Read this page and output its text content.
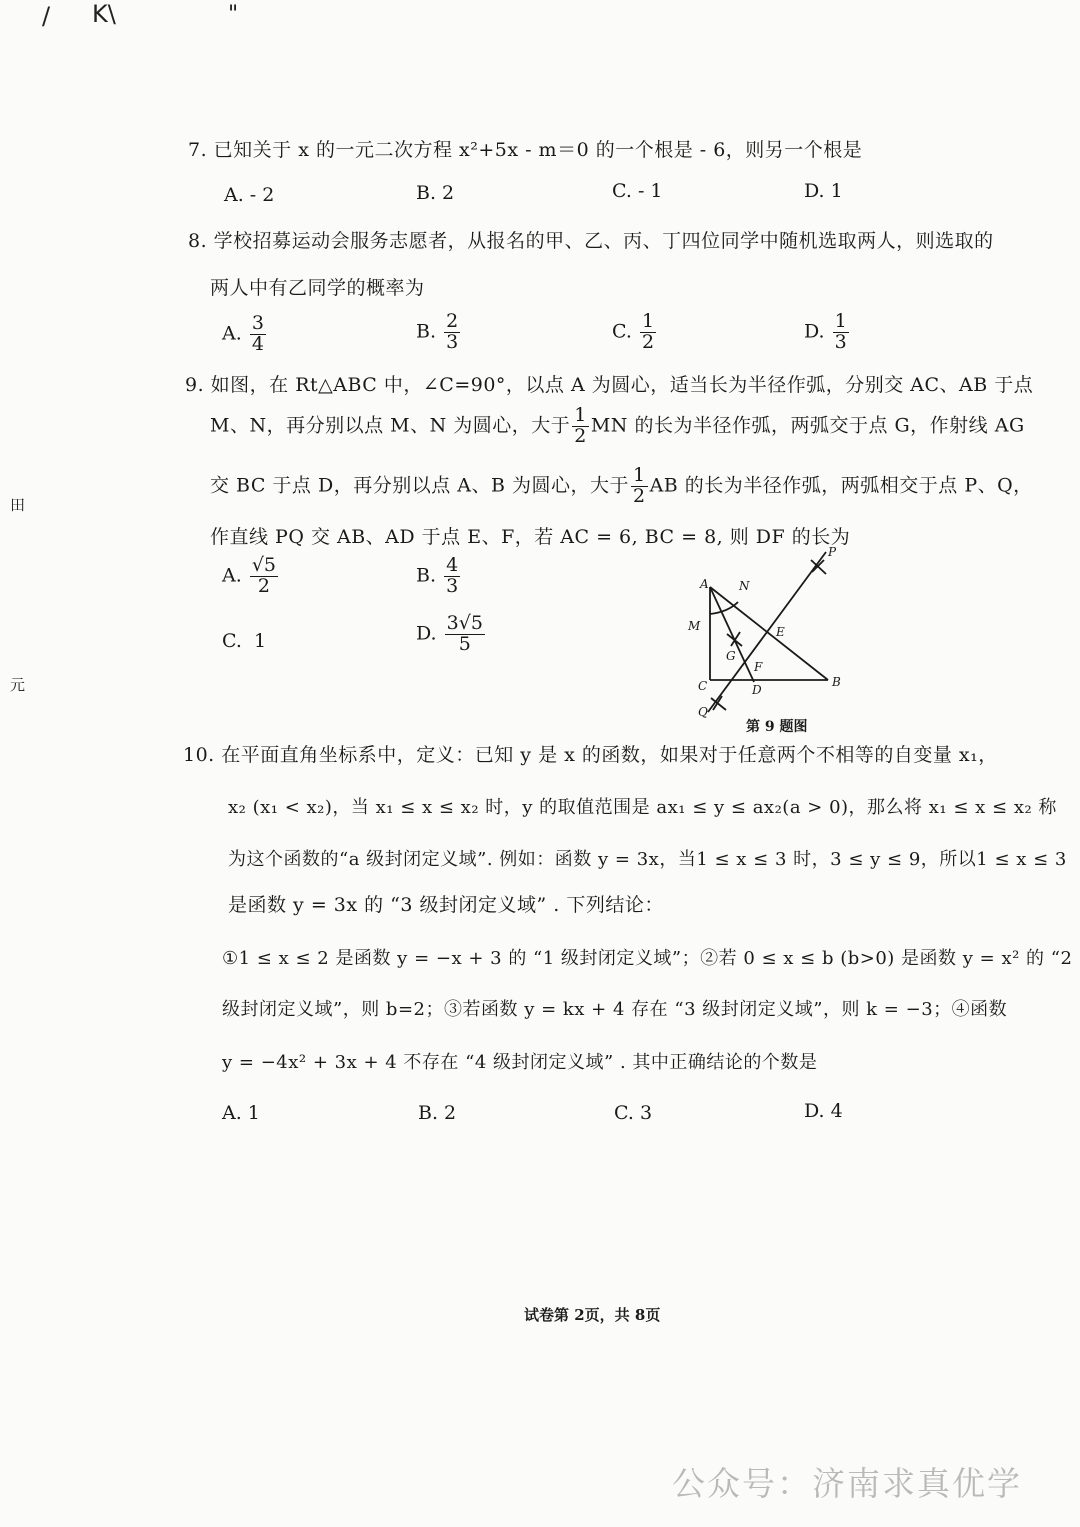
/ K\	"
田
元
7. 已知关于 x 的一元二次方程 x²+5x - m＝0 的一个根是 - 6，则另一个根是
A. - 2	B. 2	C. - 1	D. 1
8. 学校招募运动会服务志愿者，从报名的甲、乙、丙、丁四位同学中随机选取两人，则选取的
两人中有乙同学的概率为
A. $\frac{3}{4}$	B. $\frac{2}{3}$	C. $\frac{1}{2}$	D. $\frac{1}{3}$
9. 如图，在 Rt△ABC 中，∠C=90°，以点 A 为圆心，适当长为半径作弧，分别交 AC、AB 于点
M、N，再分别以点 M、N 为圆心，大于 $\frac{1}{2}$ MN 的长为半径作弧，两弧交于点 G，作射线 AG
交 BC 于点 D，再分别以点 A、B 为圆心，大于 $\frac{1}{2}$ AB 的长为半径作弧，两弧相交于点 P、Q，
作直线 PQ 交 AB、AD 于点 E、F，若 AC = 6, BC = 8, 则 DF 的长为
A. $\frac{√5}{2}$	B. $\frac{4}{3}$
C. 1	D. $\frac{3√5}{5}$
P
A	N
M	E
G
F
C	D
B
Q
第 9 题图
10. 在平面直角坐标系中，定义：已知 y 是 x 的函数，如果对于任意两个不相等的自变量 x₁，
x₂ (x₁ < x₂)，当 x₁ ≤ x ≤ x₂ 时，y 的取值范围是 ax₁ ≤ y ≤ ax₂(a > 0)，那么将 x₁ ≤ x ≤ x₂ 称
为这个函数的“a 级封闭定义域”. 例如：函数 y = 3x，当1 ≤ x ≤ 3 时，3 ≤ y ≤ 9，所以1 ≤ x ≤ 3
是函数 y = 3x 的 “3 级封闭定义域” . 下列结论：
①1 ≤ x ≤ 2 是函数 y = −x + 3 的 “1 级封闭定义域”；②若 0 ≤ x ≤ b (b>0) 是函数 y = x² 的 “2
级封闭定义域”，则 b=2；③若函数 y = kx + 4 存在 “3 级封闭定义域”，则 k = −3；④函数
y = −4x² + 3x + 4 不存在 “4 级封闭定义域” . 其中正确结论的个数是
A. 1	B. 2	C. 3	D. 4
试卷第 2页，共 8页
公众号：济南求真优学
